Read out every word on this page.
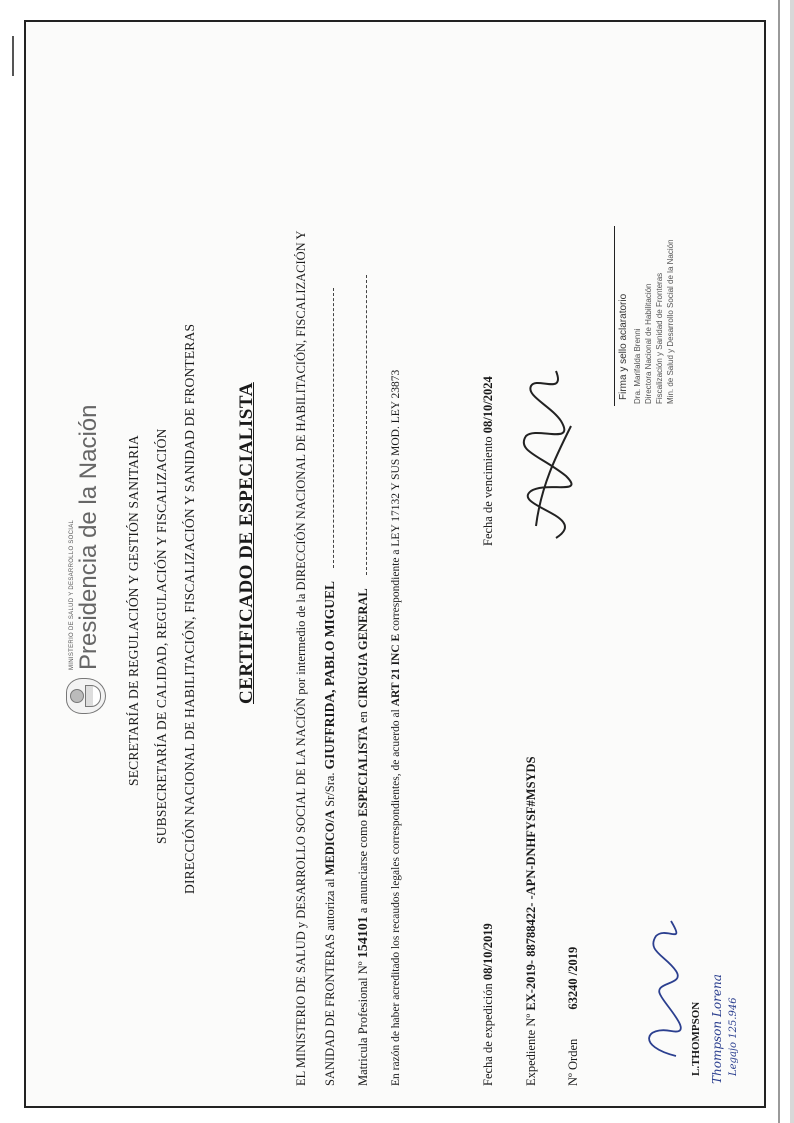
MINISTERIO DE SALUD Y DESARROLLO SOCIAL Presidencia de la Nación SECRETARÍA DE REGULACIÓN Y GESTIÓN SANITARIA SUBSECRETARÍA DE CALIDAD, REGULACIÓN Y FISCALIZACIÓN DIRECCIÓN NACIONAL DE HABILITACIÓN, FISCALIZACIÓN Y SANIDAD DE FRONTERAS CERTIFICADO DE ESPECIALISTA	EL MINISTERIO DE SALUD y DESARROLLO SOCIAL DE LA NACIÓN por intermedio de la DIRECCIÓN NACIONAL DE HABILITACIÓN, FISCALIZACIÓN Y SANIDAD DE FRONTERAS autoriza al MEDICO/A Sr/Sra. GIUFFRIDA, PABLO MIGUEL
Matricula Profesional Nº 154101 a anunciarse como ESPECIALISTA en CIRUGIA GENERAL
En razón de haber acreditado los recaudos legales correspondientes, de acuerdo al ART 21 INC E correspondiente a LEY 17132 Y SUS MOD. LEY 23873
Fecha de expedición 08/10/2019
Fecha de vencimiento 08/10/2024
Expediente Nº EX-2019- 88788422- -APN-DNHFYSF#MSYDS
Nº Orden 63240 /2019
Firma y sello aclaratorio Dra. Marifalda Brenni Directora Nacional de Habilitación Fiscalización y Sanidad de Fronteras Min. de Salud y Desarrollo Social de la Nación
L.THOMPSON Thompson Lorena Legajo 125.946
